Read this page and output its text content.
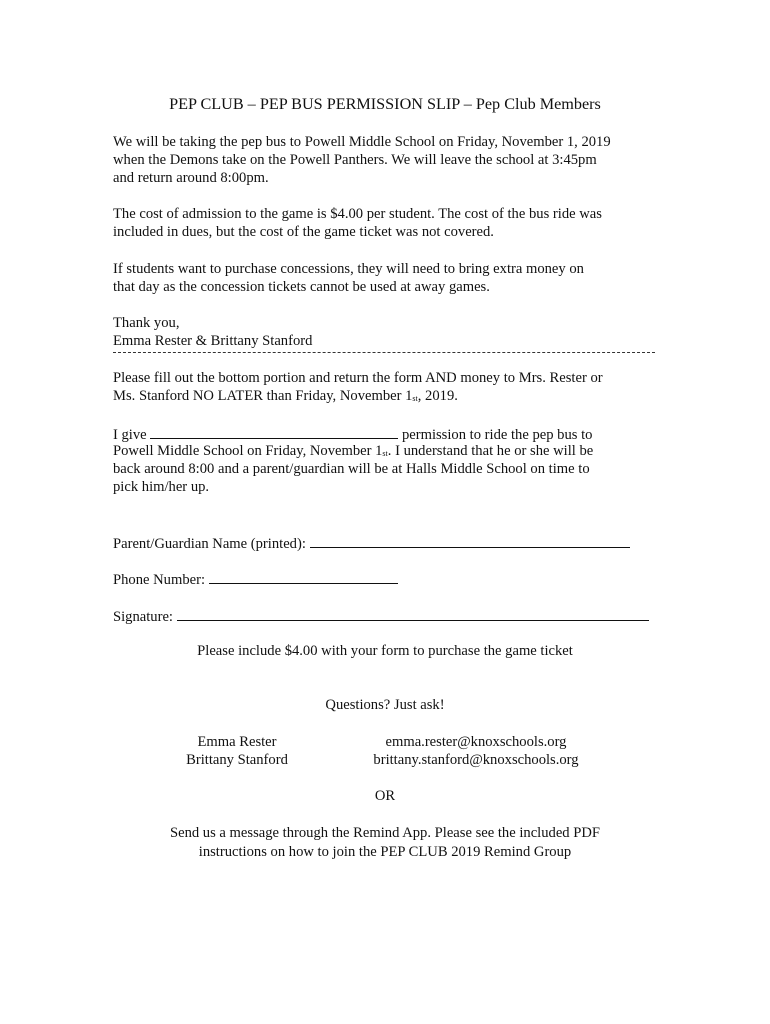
PEP CLUB – PEP BUS PERMISSION SLIP – Pep Club Members
We will be taking the pep bus to Powell Middle School on Friday, November 1, 2019
when the Demons take on the Powell Panthers. We will leave the school at 3:45pm
and return around 8:00pm.
The cost of admission to the game is $4.00 per student. The cost of the bus ride was
included in dues, but the cost of the game ticket was not covered.
If students want to purchase concessions, they will need to bring extra money on
that day as the concession tickets cannot be used at away games.
Thank you,
Emma Rester & Brittany Stanford
Please fill out the bottom portion and return the form AND money to Mrs. Rester or
Ms. Stanford NO LATER than Friday, November 1st, 2019.
I give	permission to ride the pep bus to
Powell Middle School on Friday, November 1st. I understand that he or she will be
back around 8:00 and a parent/guardian will be at Halls Middle School on time to
pick him/her up.
Parent/Guardian Name (printed):
Phone Number:
Signature:
Please include $4.00 with your form to purchase the game ticket
Questions? Just ask!
Emma Rester	emma.rester@knoxschools.org
Brittany Stanford	brittany.stanford@knoxschools.org
OR
Send us a message through the Remind App. Please see the included PDF
instructions on how to join the PEP CLUB 2019 Remind Group
